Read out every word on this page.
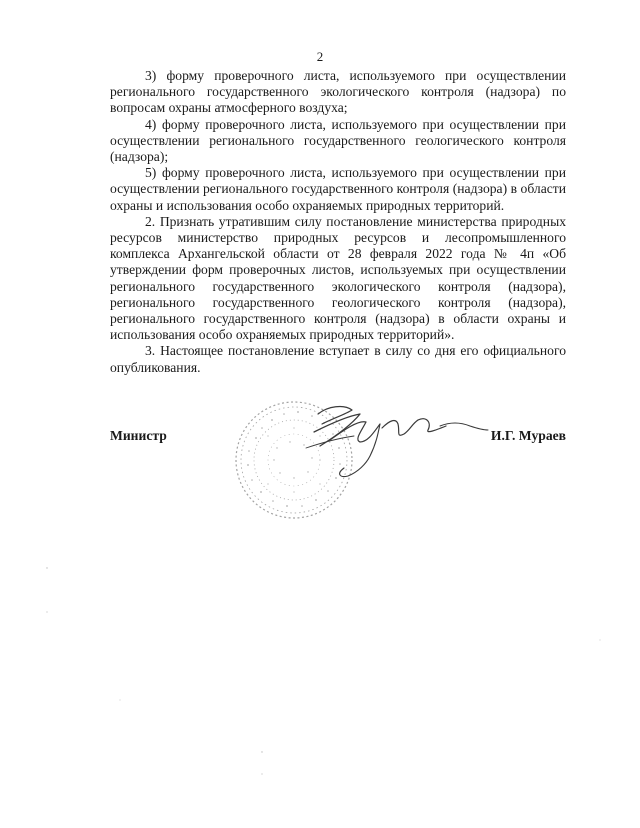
2

3) форму проверочного листа, используемого при осуществлении регионального государственного экологического контроля (надзора) по вопросам охраны атмосферного воздуха;

4) форму проверочного листа, используемого при осуществлении при осуществлении регионального государственного геологического контроля (надзора);

5) форму проверочного листа, используемого при осуществлении при осуществлении регионального государственного контроля (надзора) в области охраны и использования особо охраняемых природных территорий.

2. Признать утратившим силу постановление министерства природных ресурсов министерство природных ресурсов и лесопромышленного комплекса Архангельской области от 28 февраля 2022 года № 4п «Об утверждении форм проверочных листов, используемых при осуществлении регионального государственного экологического контроля (надзора), регионального государственного геологического контроля (надзора), регионального государственного контроля (надзора) в области охраны и использования особо охраняемых природных территорий».

3. Настоящее постановление вступает в силу со дня его официального опубликования.

Министр	И.Г. Мураев
